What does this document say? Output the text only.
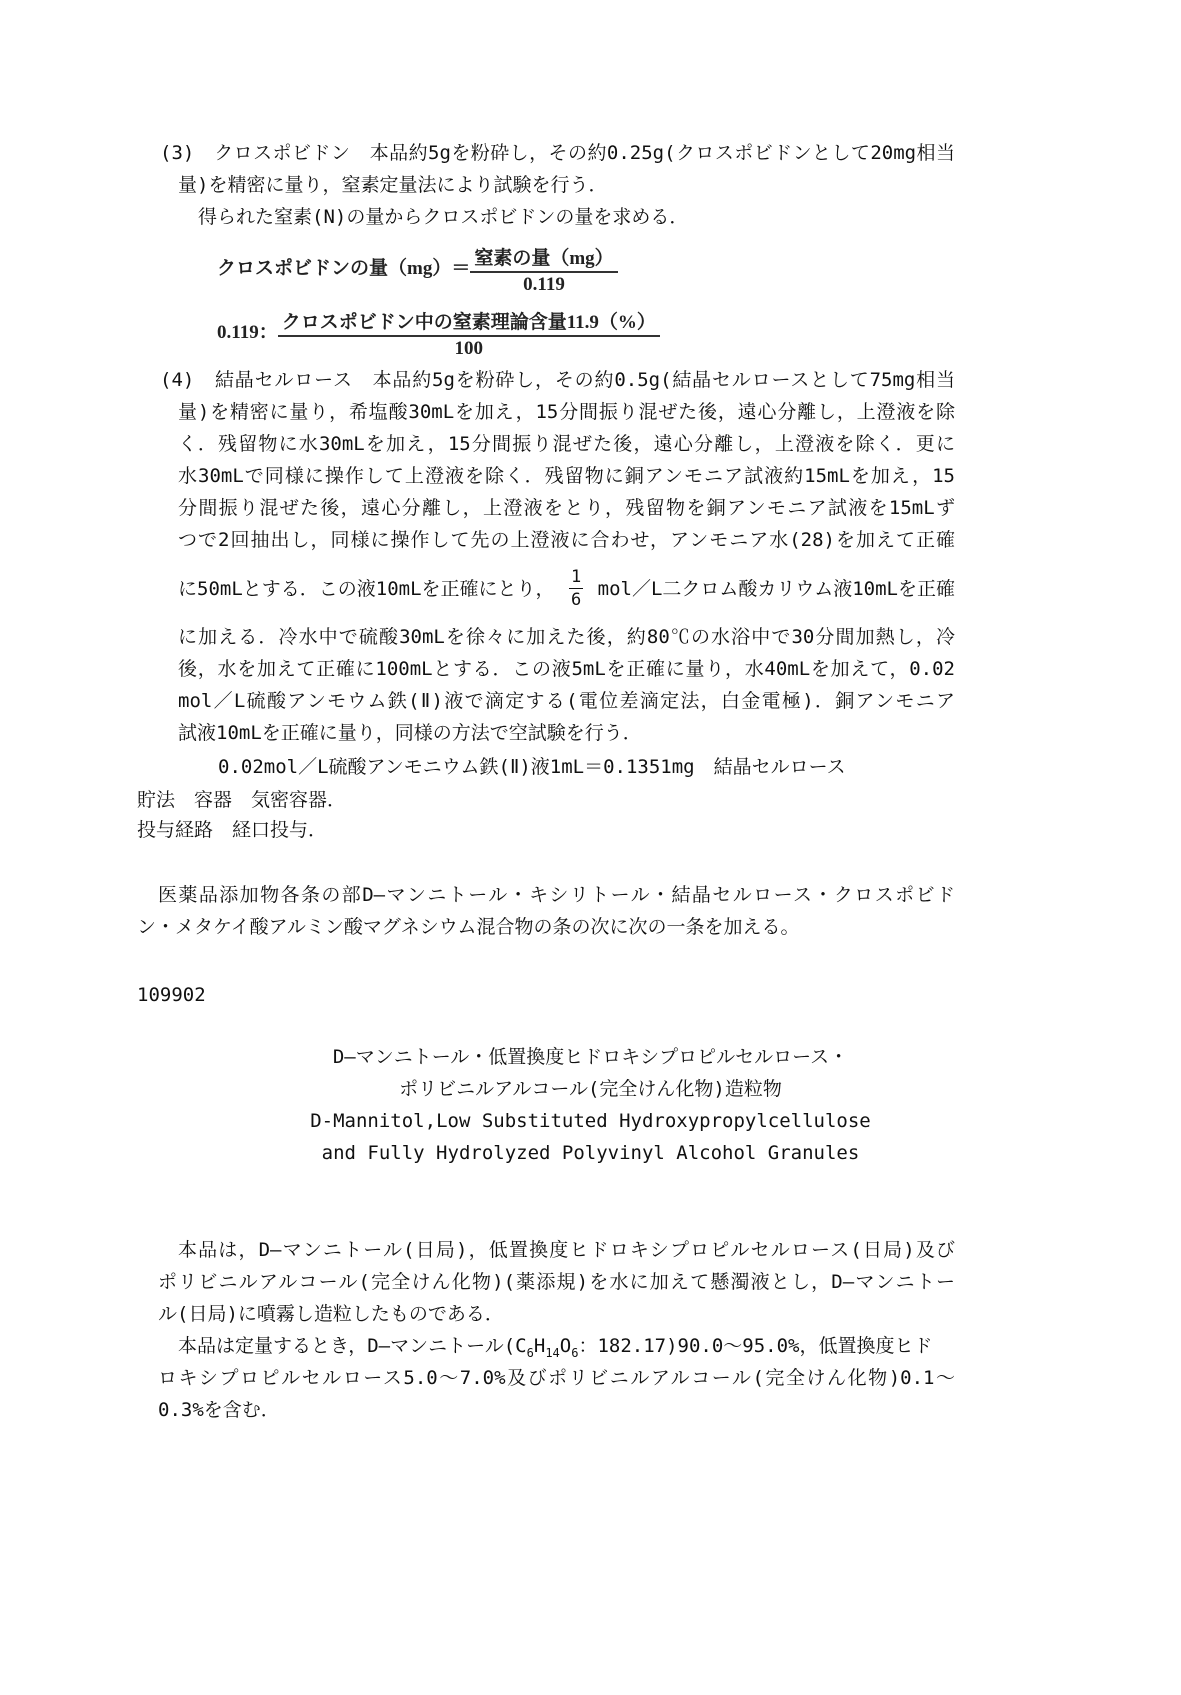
(3)　クロスポビドン　本品約5gを粉砕し，その約0.25g(クロスポビドンとして20mg相当
量)を精密に量り，窒素定量法により試験を行う．
得られた窒素(N)の量からクロスポビドンの量を求める．
クロスポビドンの量$(mg)= \frac{\text{窒素の量（mg）}}{0.119}$
0.119： $\frac{\text{クロスポビドン中の窒素理論含量11.9（\%）}}{100}$
(4)　結晶セルロース　本品約5gを粉砕し，その約0.5g(結晶セルロースとして75mg相当
量)を精密に量り，希塩酸30mLを加え，15分間振り混ぜた後，遠心分離し，上澄液を除
く．残留物に水30mLを加え，15分間振り混ぜた後，遠心分離し，上澄液を除く．更に
水30mLで同様に操作して上澄液を除く．残留物に銅アンモニア試液約15mLを加え，15
分間振り混ぜた後，遠心分離し，上澄液をとり，残留物を銅アンモニア試液を15mLず
つで2回抽出し，同様に操作して先の上澄液に合わせ，アンモニア水(28)を加えて正確
に50mLとする．この液10mLを正確にとり， $\frac{1}{6}$ mol／L二クロム酸カリウム液10mLを正確
に加える．冷水中で硫酸30mLを徐々に加えた後，約80℃の水浴中で30分間加熱し，冷
後，水を加えて正確に100mLとする．この液5mLを正確に量り，水40mLを加えて，0.02
mol／L硫酸アンモウム鉄(Ⅱ)液で滴定する(電位差滴定法，白金電極)．銅アンモニア
試液10mLを正確に量り，同様の方法で空試験を行う．
0.02mol／L硫酸アンモニウム鉄(Ⅱ)液1mL＝0.1351mg　結晶セルロース
貯法　容器　気密容器．
投与経路　経口投与．
医薬品添加物各条の部D―マンニトール・キシリトール・結晶セルロース・クロスポビド
ン・メタケイ酸アルミン酸マグネシウム混合物の条の次に次の一条を加える。
109902
D―マンニトール・低置換度ヒドロキシプロピルセルロース・
ポリビニルアルコール(完全けん化物)造粒物
D-Mannitol,Low Substituted Hydroxypropylcellulose
and Fully Hydrolyzed Polyvinyl Alcohol Granules
本品は，D―マンニトール(日局)，低置換度ヒドロキシプロピルセルロース(日局)及び
ポリビニルアルコール(完全けん化物)(薬添規)を水に加えて懸濁液とし，D―マンニトー
ル(日局)に噴霧し造粒したものである．
本品は定量するとき，D―マンニトール($C_6H_{14}O_6$：182.17)90.0～95.0%，低置換度ヒド
ロキシプロピルセルロース5.0～7.0%及びポリビニルアルコール(完全けん化物)0.1～
0.3%を含む．
